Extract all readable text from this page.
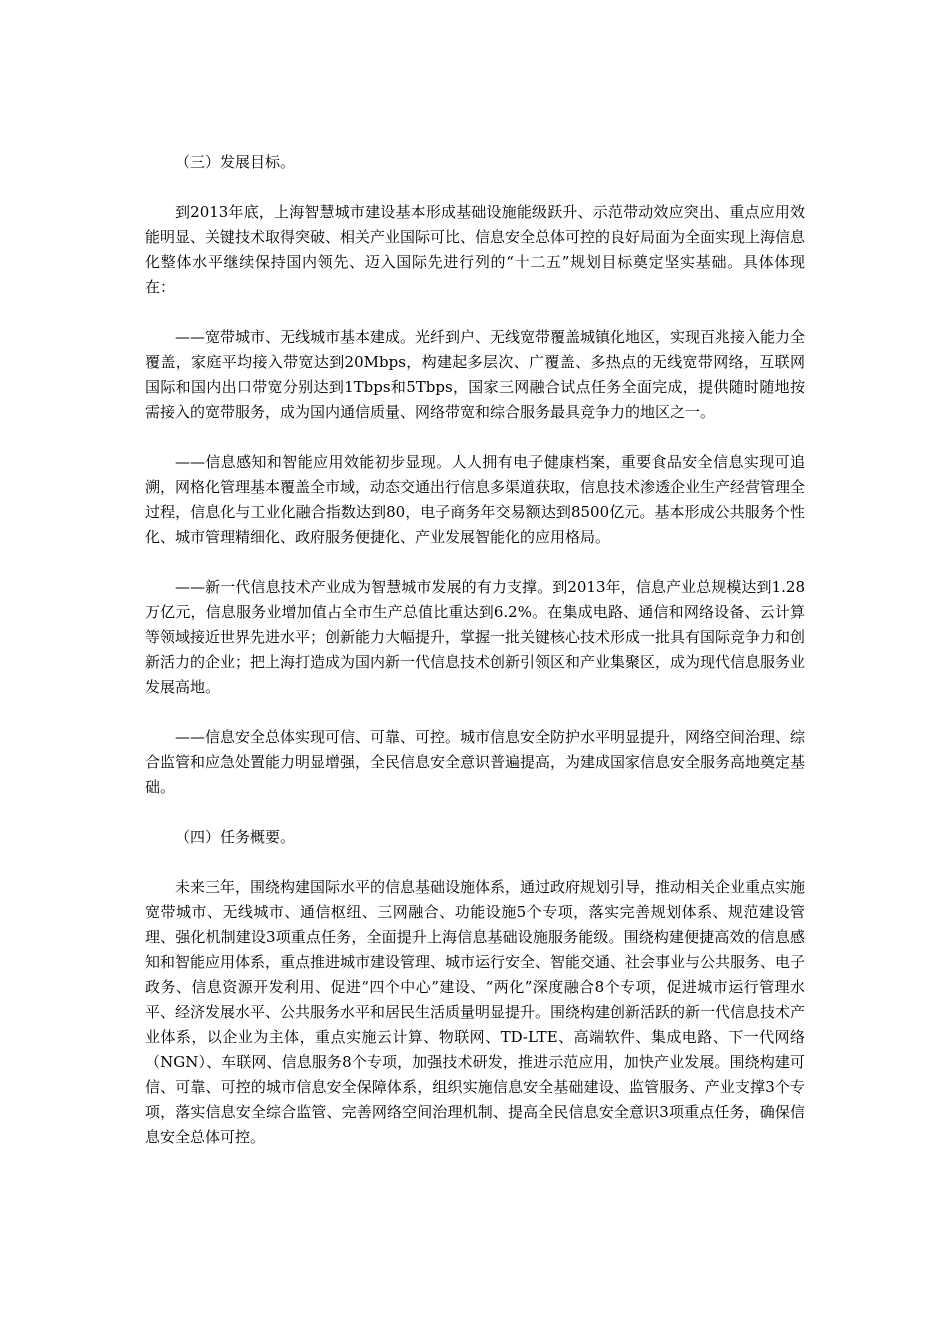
（三）发展目标。

到2013年底，上海智慧城市建设基本形成基础设施能级跃升、示范带动效应突出、重点应用效能明显、关键技术取得突破、相关产业国际可比、信息安全总体可控的良好局面为全面实现上海信息化整体水平继续保持国内领先、迈入国际先进行列的“十二五”规划目标奠定坚实基础。具体体现在：

——宽带城市、无线城市基本建成。光纤到户、无线宽带覆盖城镇化地区，实现百兆接入能力全覆盖，家庭平均接入带宽达到20Mbps，构建起多层次、广覆盖、多热点的无线宽带网络，互联网国际和国内出口带宽分别达到1Tbps和5Tbps，国家三网融合试点任务全面完成，提供随时随地按需接入的宽带服务，成为国内通信质量、网络带宽和综合服务最具竞争力的地区之一。

——信息感知和智能应用效能初步显现。人人拥有电子健康档案，重要食品安全信息实现可追溯，网格化管理基本覆盖全市域，动态交通出行信息多渠道获取，信息技术渗透企业生产经营管理全过程，信息化与工业化融合指数达到80，电子商务年交易额达到8500亿元。基本形成公共服务个性化、城市管理精细化、政府服务便捷化、产业发展智能化的应用格局。

——新一代信息技术产业成为智慧城市发展的有力支撑。到2013年，信息产业总规模达到1.28万亿元，信息服务业增加值占全市生产总值比重达到6.2%。在集成电路、通信和网络设备、云计算等领域接近世界先进水平；创新能力大幅提升，掌握一批关键核心技术形成一批具有国际竞争力和创新活力的企业；把上海打造成为国内新一代信息技术创新引领区和产业集聚区，成为现代信息服务业发展高地。

——信息安全总体实现可信、可靠、可控。城市信息安全防护水平明显提升，网络空间治理、综合监管和应急处置能力明显增强，全民信息安全意识普遍提高，为建成国家信息安全服务高地奠定基础。

（四）任务概要。

未来三年，围绕构建国际水平的信息基础设施体系，通过政府规划引导，推动相关企业重点实施宽带城市、无线城市、通信枢纽、三网融合、功能设施5个专项，落实完善规划体系、规范建设管理、强化机制建设3项重点任务，全面提升上海信息基础设施服务能级。围绕构建便捷高效的信息感知和智能应用体系，重点推进城市建设管理、城市运行安全、智能交通、社会事业与公共服务、电子政务、信息资源开发利用、促进“四个中心”建设、“两化”深度融合8个专项，促进城市运行管理水平、经济发展水平、公共服务水平和居民生活质量明显提升。围绕构建创新活跃的新一代信息技术产业体系，以企业为主体，重点实施云计算、物联网、TD-LTE、高端软件、集成电路、下一代网络（NGN）、车联网、信息服务8个专项，加强技术研发，推进示范应用，加快产业发展。围绕构建可信、可靠、可控的城市信息安全保障体系，组织实施信息安全基础建设、监管服务、产业支撑3个专项，落实信息安全综合监管、完善网络空间治理机制、提高全民信息安全意识3项重点任务，确保信息安全总体可控。
